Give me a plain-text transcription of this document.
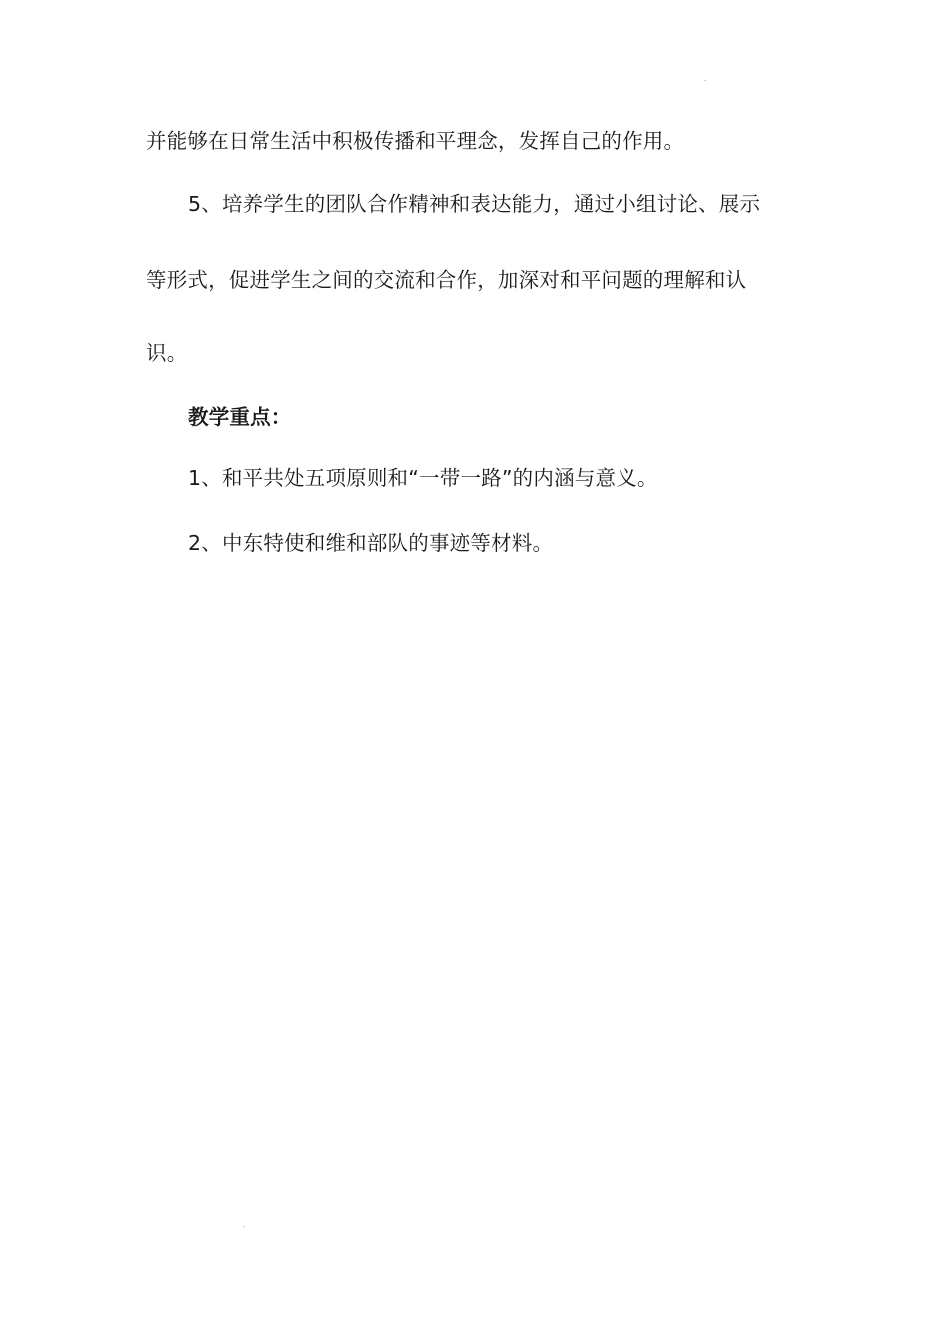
并能够在日常生活中积极传播和平理念，发挥自己的作用。
5、培养学生的团队合作精神和表达能力，通过小组讨论、展示
等形式，促进学生之间的交流和合作，加深对和平问题的理解和认
识。
教学重点：
1、和平共处五项原则和“一带一路”的内涵与意义。
2、中东特使和维和部队的事迹等材料。
